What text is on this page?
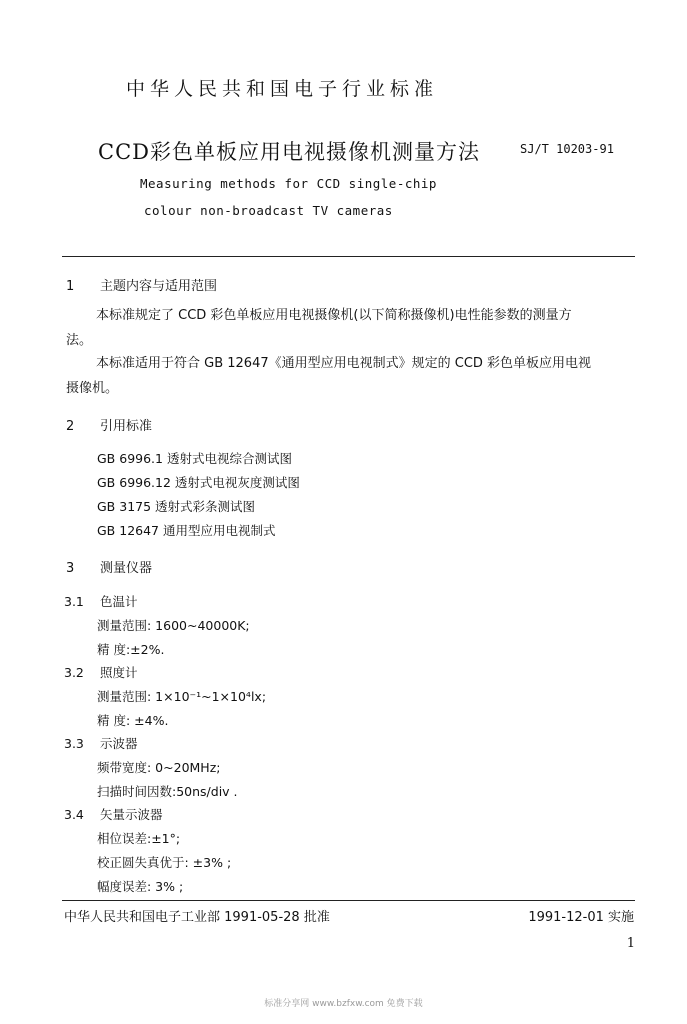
中华人民共和国电子行业标准
CCD彩色单板应用电视摄像机测量方法	SJ/T 10203-91
Measuring methods for CCD single-chip
colour non-broadcast TV cameras
1 主题内容与适用范围
本标准规定了 CCD 彩色单板应用电视摄像机(以下简称摄像机)电性能参数的测量方
法。
本标准适用于符合 GB 12647《通用型应用电视制式》规定的 CCD 彩色单板应用电视
摄像机。
2 引用标准
GB 6996.1 透射式电视综合测试图
GB 6996.12 透射式电视灰度测试图
GB 3175 透射式彩条测试图
GB 12647 通用型应用电视制式
3 测量仪器
3.1 色温计
测量范围: 1600~40000K;
精 度:±2%.
3.2 照度计
测量范围: 1×10⁻¹~1×10⁴lx;
精 度: ±4%.
3.3 示波器
频带宽度: 0~20MHz;
扫描时间因数:50ns/div .
3.4 矢量示波器
相位误差:±1°;
校正圆失真优于: ±3% ;
幅度误差: 3% ;
中华人民共和国电子工业部 1991-05-28 批准	1991-12-01 实施
1
标准分享网 www.bzfxw.com 免费下载
